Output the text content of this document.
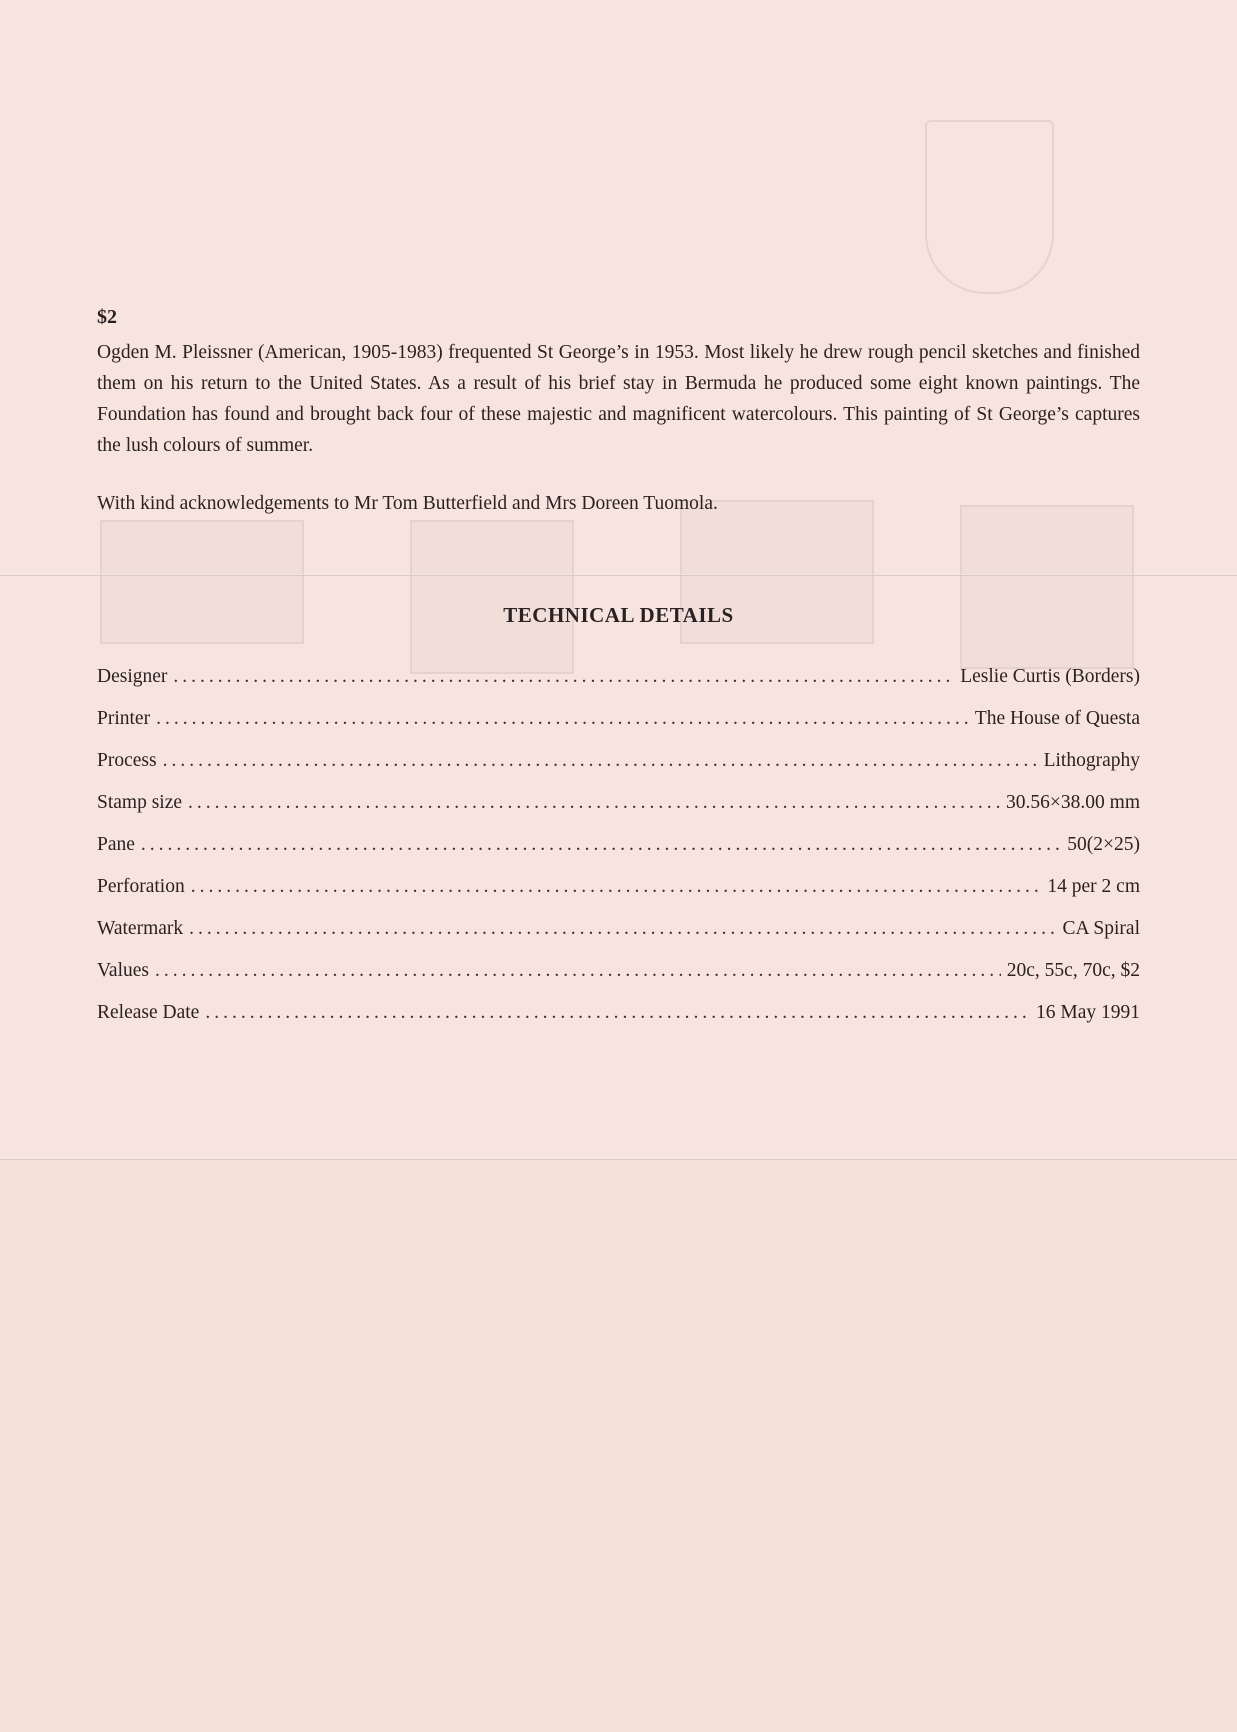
$2

Ogden M. Pleissner (American, 1905-1983) frequented St George’s in 1953. Most likely he drew rough pencil sketches and finished them on his return to the United States. As a result of his brief stay in Bermuda he produced some eight known paintings. The Foundation has found and brought back four of these majestic and magnificent watercolours. This painting of St George’s captures the lush colours of summer.

With kind acknowledgements to Mr Tom Butterfield and Mrs Doreen Tuomola.

TECHNICAL DETAILS
Designer .....	Leslie Curtis (Borders)
Printer .....	The House of Questa
Process .....	Lithography
Stamp size .....	30.56×38.00 mm
Pane .....	50(2×25)
Perforation .....	14 per 2 cm
Watermark .....	CA Spiral
Values .....	20c, 55c, 70c, $2
Release Date .....	16 May 1991
